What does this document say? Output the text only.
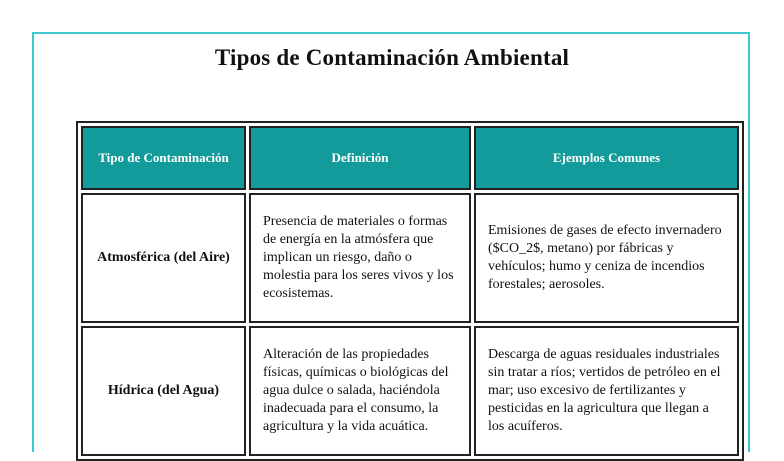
Tipos de Contaminación Ambiental
Tipo de Contaminación	Definición	Ejemplos Comunes
Atmosférica (del Aire)	Presencia de materiales o formas de energía en la atmósfera que implican un riesgo, daño o molestia para los seres vivos y los ecosistemas.	Emisiones de gases de efecto invernadero ($CO_2$, metano) por fábricas y vehículos; humo y ceniza de incendios forestales; aerosoles.
Hídrica (del Agua)	Alteración de las propiedades físicas, químicas o biológicas del agua dulce o salada, haciéndola inadecuada para el consumo, la agricultura y la vida acuática.	Descarga de aguas residuales industriales sin tratar a ríos; vertidos de petróleo en el mar; uso excesivo de fertilizantes y pesticidas en la agricultura que llegan a los acuíferos.
